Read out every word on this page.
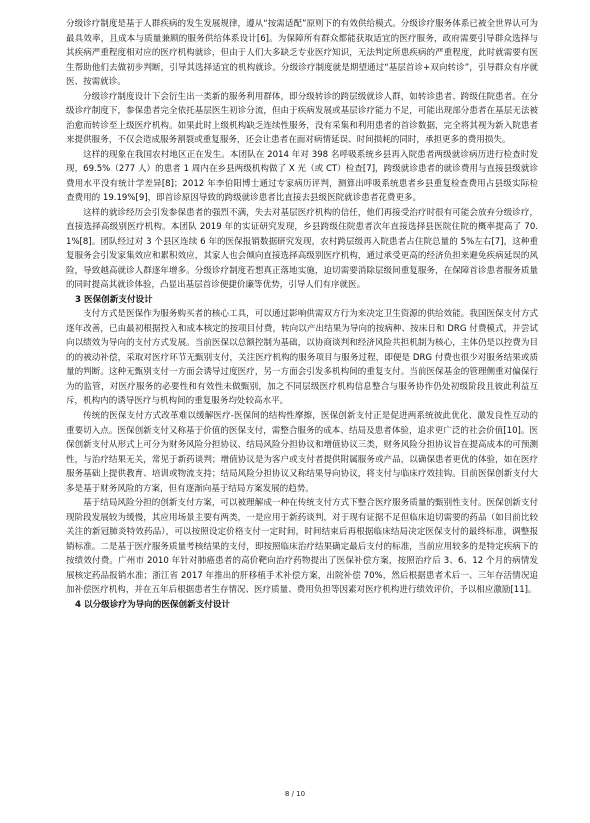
分级诊疗制度是基于人群疾病的发生发展规律，遵从“按需适配”原则下的有效供给模式。分级诊疗服务体系已被全世界认可为最具效率，且成本与质量兼顾的服务供给体系设计[6]。为保障所有群众都能获取适宜的医疗服务，政府需要引导群众选择与其疾病严重程度相对应的医疗机构就诊，但由于人们大多缺乏专业医疗知识，无法判定所患疾病的严重程度，此时就需要有医生帮助他们去做初步判断，引导其选择适宜的机构就诊。分级诊疗制度就是期望通过“基层首诊+双向转诊”，引导群众有序就医、按需就诊。

分级诊疗制度设计下会衍生出一类新的服务利用群体，即分级转诊的跨层级就诊人群，如转诊患者、跨级住院患者。在分级诊疗制度下，参保患者完全依托基层医生初诊分流，但由于疾病发展或基层诊疗能力不足，可能出现部分患者在基层无法被治愈而转诊至上级医疗机构。如果此时上级机构缺乏连续性服务，没有采集和利用患者的首诊数据，完全将其视为新入院患者来提供服务，不仅会造成服务割裂或重复服务，还会让患者在面对病情延误、时间损耗的同时，承担更多的费用损失。

这样的现象在我国农村地区正在发生。本团队在 2014 年对 398 名呼吸系统乡县再入院患者两级就诊病历进行检查时发现，69.5%（277 人）的患者 1 周内在乡县两级机构做了 X 光（或 CT）检查[7]，跨级就诊患者的就诊费用与直接县级就诊费用水平没有统计学差异[8]；2012 年李伯阳博士通过专家病历评判，测算出呼吸系统患者乡县重复检查费用占县级实际检查费用的 19.19%[9]，即首诊原因导致的跨级就诊患者比直接去县级医院就诊患者花费更多。

这样的就诊经历会引发参保患者的强烈不满，失去对基层医疗机构的信任，他们再接受治疗时很有可能会放弃分级诊疗，直接选择高级别医疗机构。本团队 2019 年的实证研究发现，乡县跨级住院患者次年直接选择县医院住院的概率提高了 70.1%[8]。团队经过对 3 个县区连续 6 年的医保报销数据研究发现，农村跨层级再入院患者占住院总量的 5%左右[7]，这种重复服务会引发家集效应和累积效应，其家人也会倾向直接选择高级别医疗机构，通过承受更高的经济负担来避免疾病延误的风险，导致越高就诊人群逐年增多。分级诊疗制度若想真正落地实施，迫切需要消除层级间重复服务，在保障首诊患者服务质量的同时提高其就诊体验，凸显出基层首诊便捷价廉等优势，引导人们有序就医。

3 医保创新支付设计

支付方式是医保作为服务购买者的核心工具，可以通过影响供需双方行为来决定卫生资源的供给效能。我国医保支付方式逐年改善，已由最初根据投入和成本核定的按项目付费，转向以产出结果为导向的按病种、按床日和 DRG 付费模式，并尝试向以绩效为导向的支付方式发展。当前医保以总额控制为基础，以协商谈判和经济风险共担机制为核心，主体仍是以控费为目的的被动补偿，采取对医疗环节无甄别支付，关注医疗机构的服务项目与服务过程，即便是 DRG 付费也很少对服务结果或质量的判断。这种无甄别支付一方面会诱导过度医疗，另一方面会引发多机构间的重复支付。当前医保基金的管理侧重对偏保行为的监管，对医疗服务的必要性和有效性未做甄别，加之不同层级医疗机构信息整合与服务协作仍处初级阶段且彼此利益互斥，机构内的诱导医疗与机构间的重复服务均处较高水平。

传统的医保支付方式改革难以缓解医疗-医保间的结构性摩擦，医保创新支付正是促进两系统彼此优化、激发良性互动的重要切入点。医保创新支付又称基于价值的医保支付，需整合服务的成本、结局及患者体验，追求更广泛的社会价值[10]。医保创新支付从形式上可分为财务风险分担协议、结局风险分担协议和增值协议三类，财务风险分担协议旨在提高成本的可预测性，与治疗结果无关，常见于新药谈判；增值协议是为客户或支付者提供附属服务或产品，以确保患者更优的体验，如在医疗服务基础上提供教育、培训或物流支持；结局风险分担协议又称结果导向协议，将支付与临床疗效挂钩。目前医保创新支付大多是基于财务风险的方案，但有逐渐向基于结局方案发展的趋势。

基于结局风险分担的创新支付方案，可以被理解成一种在传统支付方式下整合医疗服务质量的甄别性支付。医保创新支付现阶段发展较为缓慢，其应用场景主要有两类，一是应用于新药谈判，对于现有证据不足但临床迫切需要的药品（如目前比较关注的新冠肺炎特效药品），可以按照设定价格支付一定时间，时间结束后再根据临床结局决定医保支付的最终标准，调整报销标准。二是基于医疗服务质量考核结果的支付，即按照临床治疗结果确定最后支付的标准，当前应用较多的是特定疾病下的按绩效付费。广州市 2010 年针对肺癌患者的高价靶向治疗药物提出了医保补偿方案，按照治疗后 3、6、12 个月的病情发展核定药品报销水准；浙江省 2017 年推出的肝移植手术补偿方案，出院补偿 70%，然后根据患者术后一、三年存活情况追加补偿医疗机构，并在五年后根据患者生存情况、医疗质量、费用负担等因素对医疗机构进行绩效评价，予以相应激励[11]。

4 以分级诊疗为导向的医保创新支付设计

8 / 10
